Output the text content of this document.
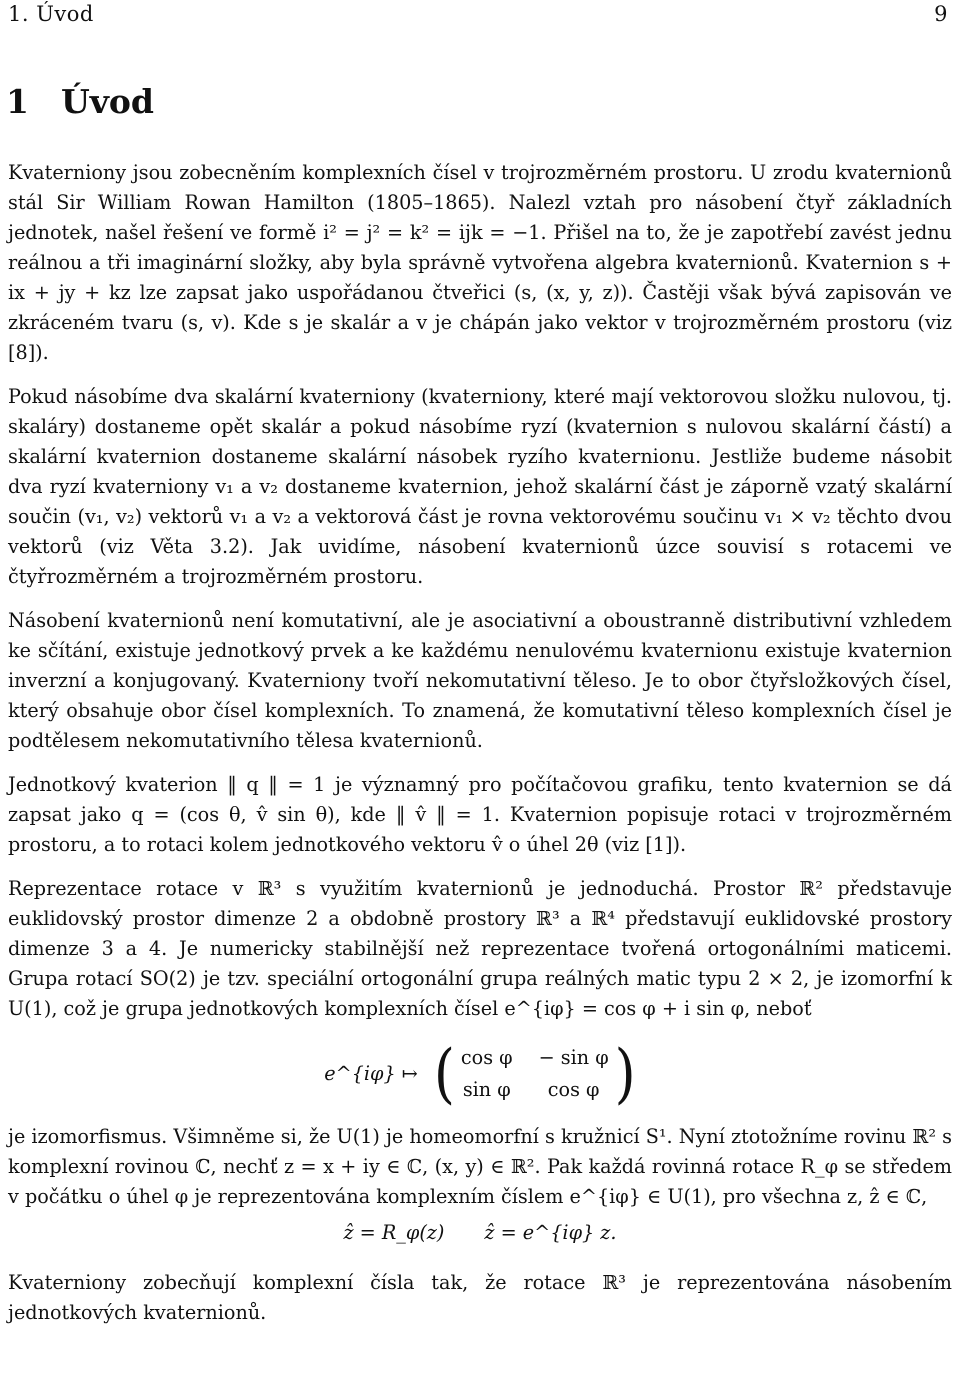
1. Úvod	9
1 Úvod

Kvaterniony jsou zobecněním komplexních čísel v trojrozměrném prostoru. U zrodu kvaternionů stál Sir William Rowan Hamilton (1805–1865). Nalezl vztah pro násobení čtyř základních jednotek, našel řešení ve formě i² = j² = k² = ijk = −1. Přišel na to, že je zapotřebí zavést jednu reálnou a tři imaginární složky, aby byla správně vytvořena algebra kvaternionů. Kvaternion s + ix + jy + kz lze zapsat jako uspořádanou čtveřici (s, (x, y, z)). Častěji však bývá zapisován ve zkráceném tvaru (s, v). Kde s je skalár a v je chápán jako vektor v trojrozměrném prostoru (viz [8]).

Pokud násobíme dva skalární kvaterniony (kvaterniony, které mají vektorovou složku nulovou, tj. skaláry) dostaneme opět skalár a pokud násobíme ryzí (kvaternion s nulovou skalární částí) a skalární kvaternion dostaneme skalární násobek ryzího kvaternionu. Jestliže budeme násobit dva ryzí kvaterniony v₁ a v₂ dostaneme kvaternion, jehož skalární část je záporně vzatý skalární součin (v₁, v₂) vektorů v₁ a v₂ a vektorová část je rovna vektorovému součinu v₁ × v₂ těchto dvou vektorů (viz Věta 3.2). Jak uvidíme, násobení kvaternionů úzce souvisí s rotacemi ve čtyřrozměrném a trojrozměrném prostoru.

Násobení kvaternionů není komutativní, ale je asociativní a oboustranně distributivní vzhledem ke sčítání, existuje jednotkový prvek a ke každému nenulovému kvaternionu existuje kvaternion inverzní a konjugovaný. Kvaterniony tvoří nekomutativní těleso. Je to obor čtyřsložkových čísel, který obsahuje obor čísel komplexních. To znamená, že komutativní těleso komplexních čísel je podtělesem nekomutativního tělesa kvaternionů.

Jednotkový kvaterion ‖ q ‖ = 1 je významný pro počítačovou grafiku, tento kvaternion se dá zapsat jako q = (cos θ, v̂ sin θ), kde ‖ v̂ ‖ = 1. Kvaternion popisuje rotaci v trojrozměrném prostoru, a to rotaci kolem jednotkového vektoru v̂ o úhel 2θ (viz [1]).

Reprezentace rotace v ℝ³ s využitím kvaternionů je jednoduchá. Prostor ℝ² představuje euklidovský prostor dimenze 2 a obdobně prostory ℝ³ a ℝ⁴ představují euklidovské prostory dimenze 3 a 4. Je numericky stabilnější než reprezentace tvořená ortogonálními maticemi. Grupa rotací SO(2) je tzv. speciální ortogonální grupa reálných matic typu 2 × 2, je izomorfní k U(1), což je grupa jednotkových komplexních čísel e^{iφ} = cos φ + i sin φ, neboť

e^{iφ} ↦ ( cos φ − sin φ
sin φ	cos φ )

je izomorfismus. Všimněme si, že U(1) je homeomorfní s kružnicí S¹. Nyní ztotožníme rovinu ℝ² s komplexní rovinou ℂ, nechť z = x + iy ∈ ℂ, (x, y) ∈ ℝ². Pak každá rovinná rotace R_φ se středem v počátku o úhel φ je reprezentována komplexním číslem e^{iφ} ∈ U(1), pro všechna z, ẑ ∈ ℂ,

ẑ = R_φ(z) ẑ = e^{iφ} z.

Kvaterniony zobecňují komplexní čísla tak, že rotace ℝ³ je reprezentována násobením jednotkových kvaternionů.
